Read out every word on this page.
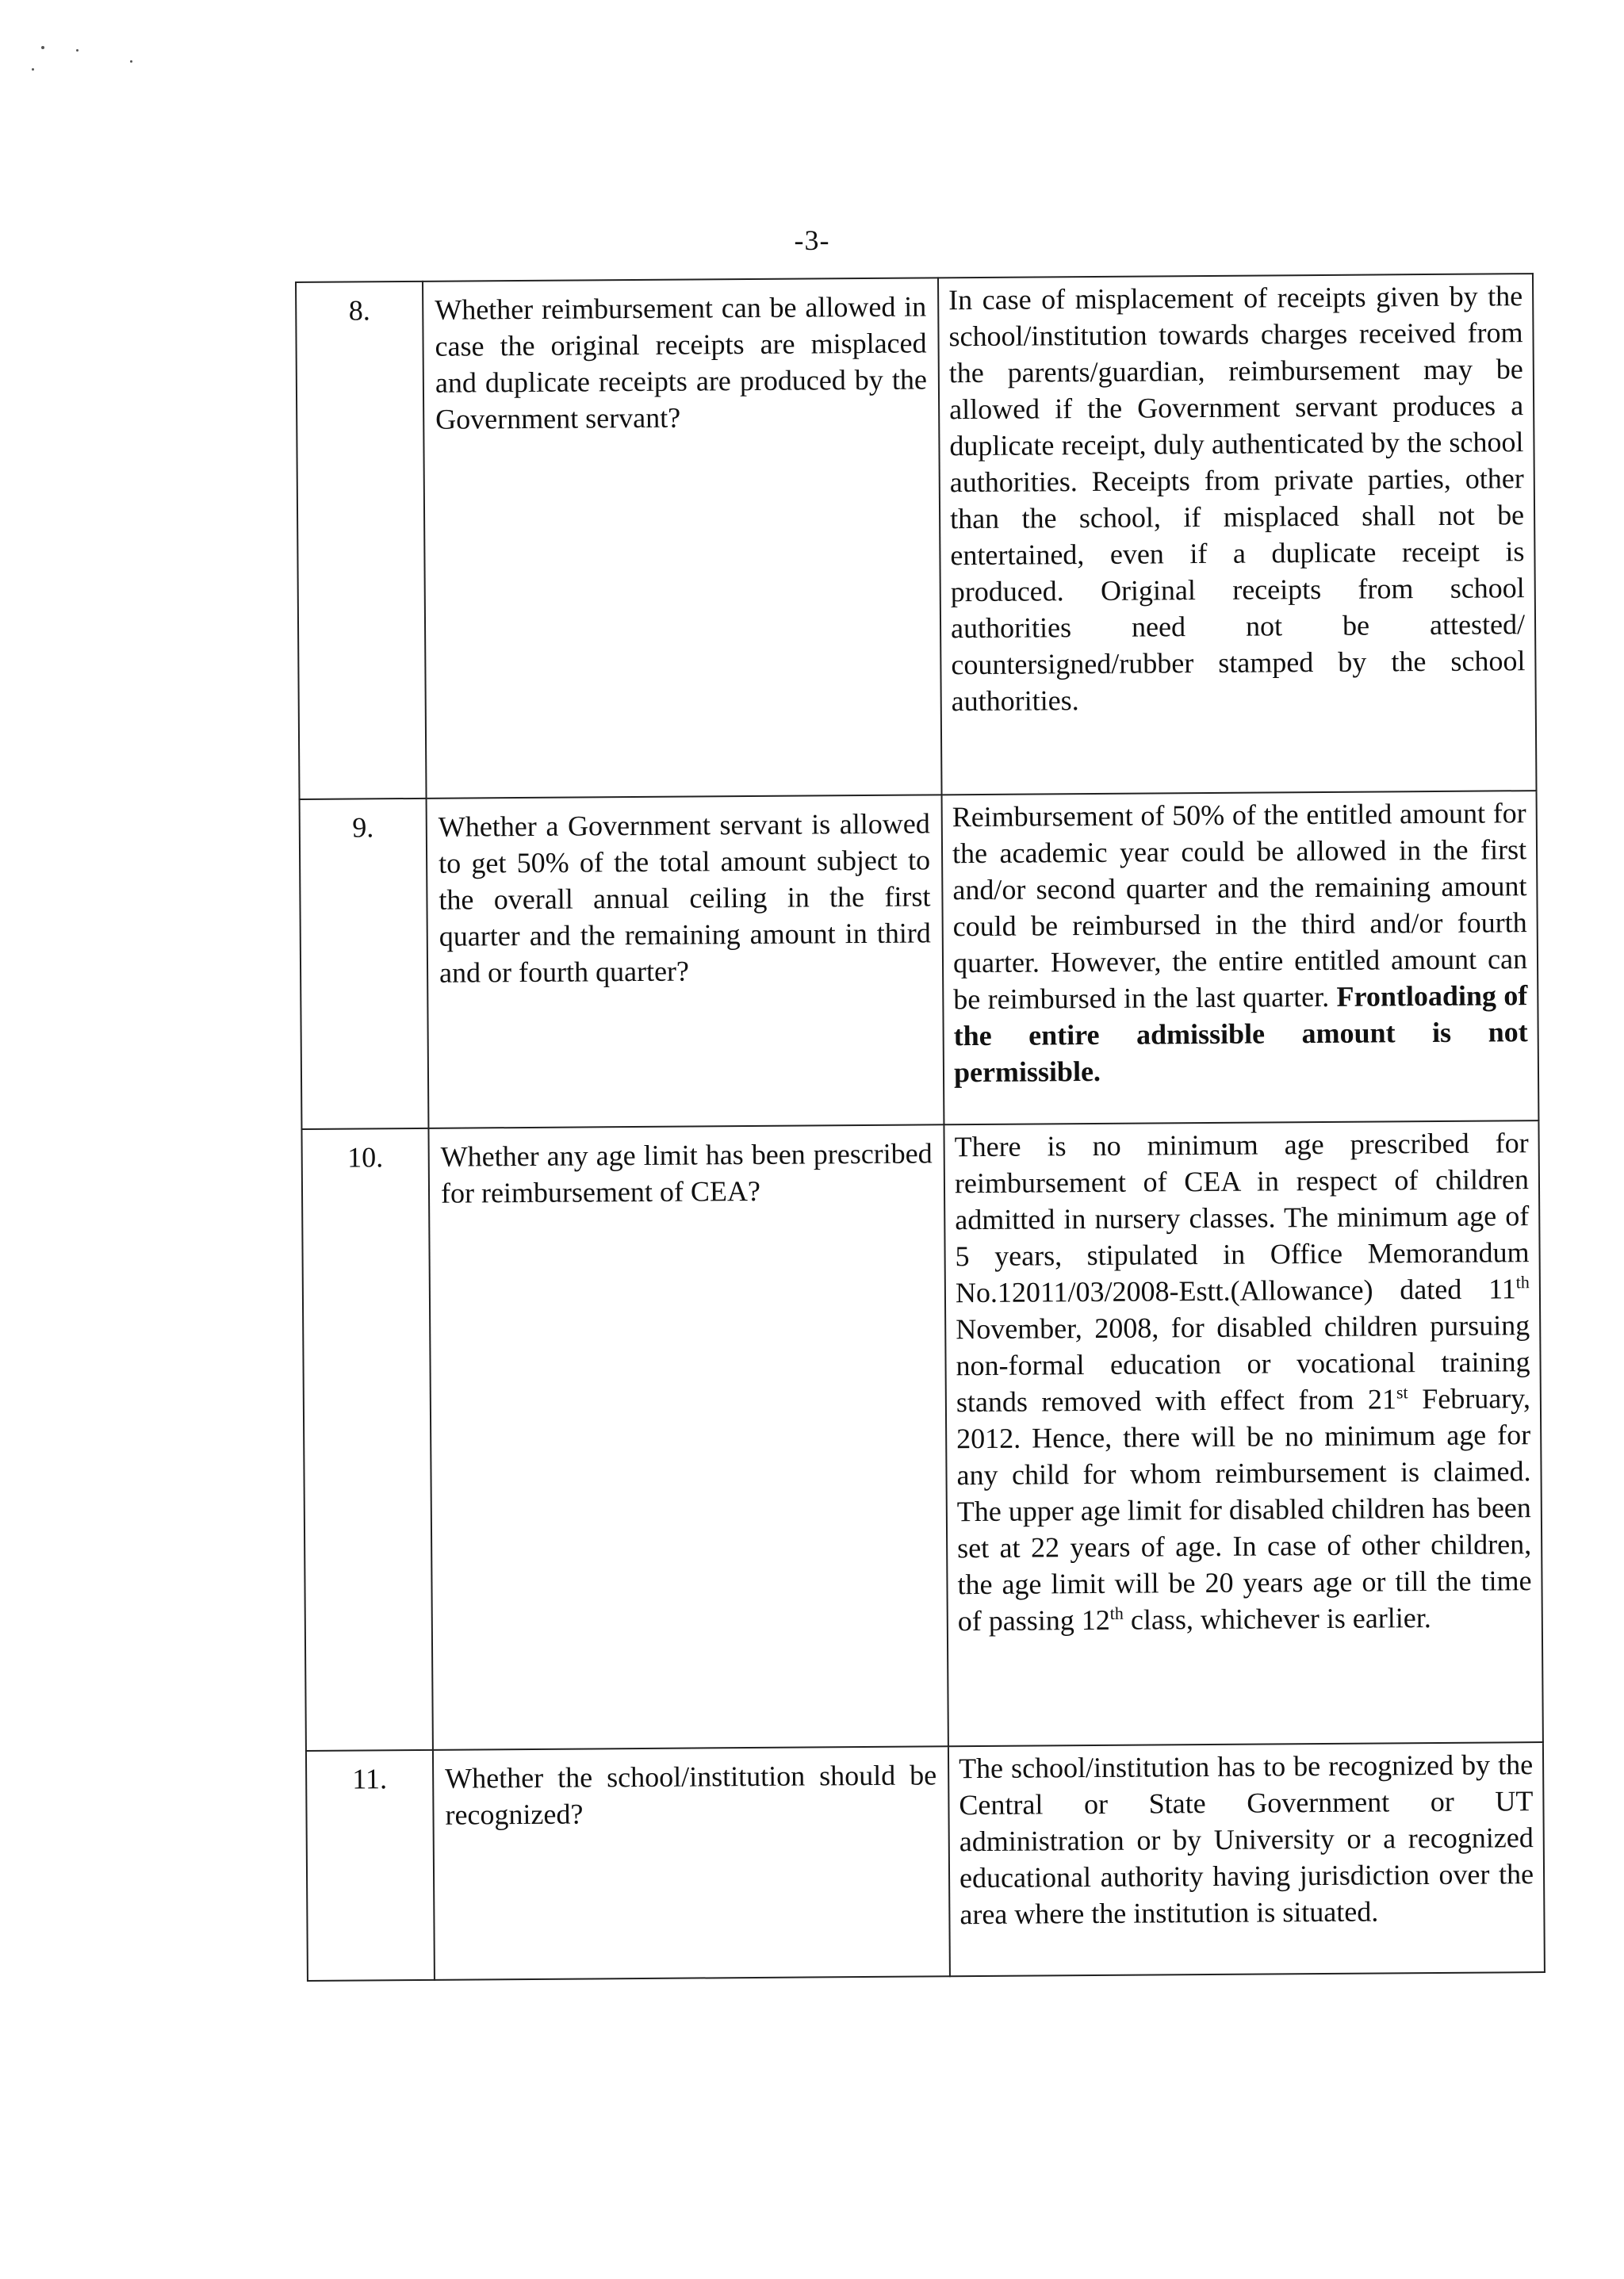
-3-
8.	Whether reimbursement can be allowed in case the original receipts are misplaced and duplicate receipts are produced by the Government servant?	In case of misplacement of receipts given by the school/institution towards charges received from the parents/guardian, reimbursement may be allowed if the Government servant produces a duplicate receipt, duly authenticated by the school authorities. Receipts from private parties, other than the school, if misplaced shall not be entertained, even if a duplicate receipt is produced. Original receipts from school authorities need not be attested/ countersigned/rubber stamped by the school authorities.
9.	Whether a Government servant is allowed to get 50% of the total amount subject to the overall annual ceiling in the first quarter and the remaining amount in third and or fourth quarter?	Reimbursement of 50% of the entitled amount for the academic year could be allowed in the first and/or second quarter and the remaining amount could be reimbursed in the third and/or fourth quarter. However, the entire entitled amount can be reimbursed in the last quarter. Frontloading of the entire admissible amount is not permissible.
10.	Whether any age limit has been prescribed for reimbursement of CEA?	There is no minimum age prescribed for reimbursement of CEA in respect of children admitted in nursery classes. The minimum age of 5 years, stipulated in Office Memorandum No.12011/03/2008-Estt.(Allowance) dated 11th November, 2008, for disabled children pursuing non-formal education or vocational training stands removed with effect from 21st February, 2012. Hence, there will be no minimum age for any child for whom reimbursement is claimed. The upper age limit for disabled children has been set at 22 years of age. In case of other children, the age limit will be 20 years age or till the time of passing 12th class, whichever is earlier.
11.	Whether the school/institution should be recognized?	The school/institution has to be recognized by the Central or State Government or UT administration or by University or a recognized educational authority having jurisdiction over the area where the institution is situated.
